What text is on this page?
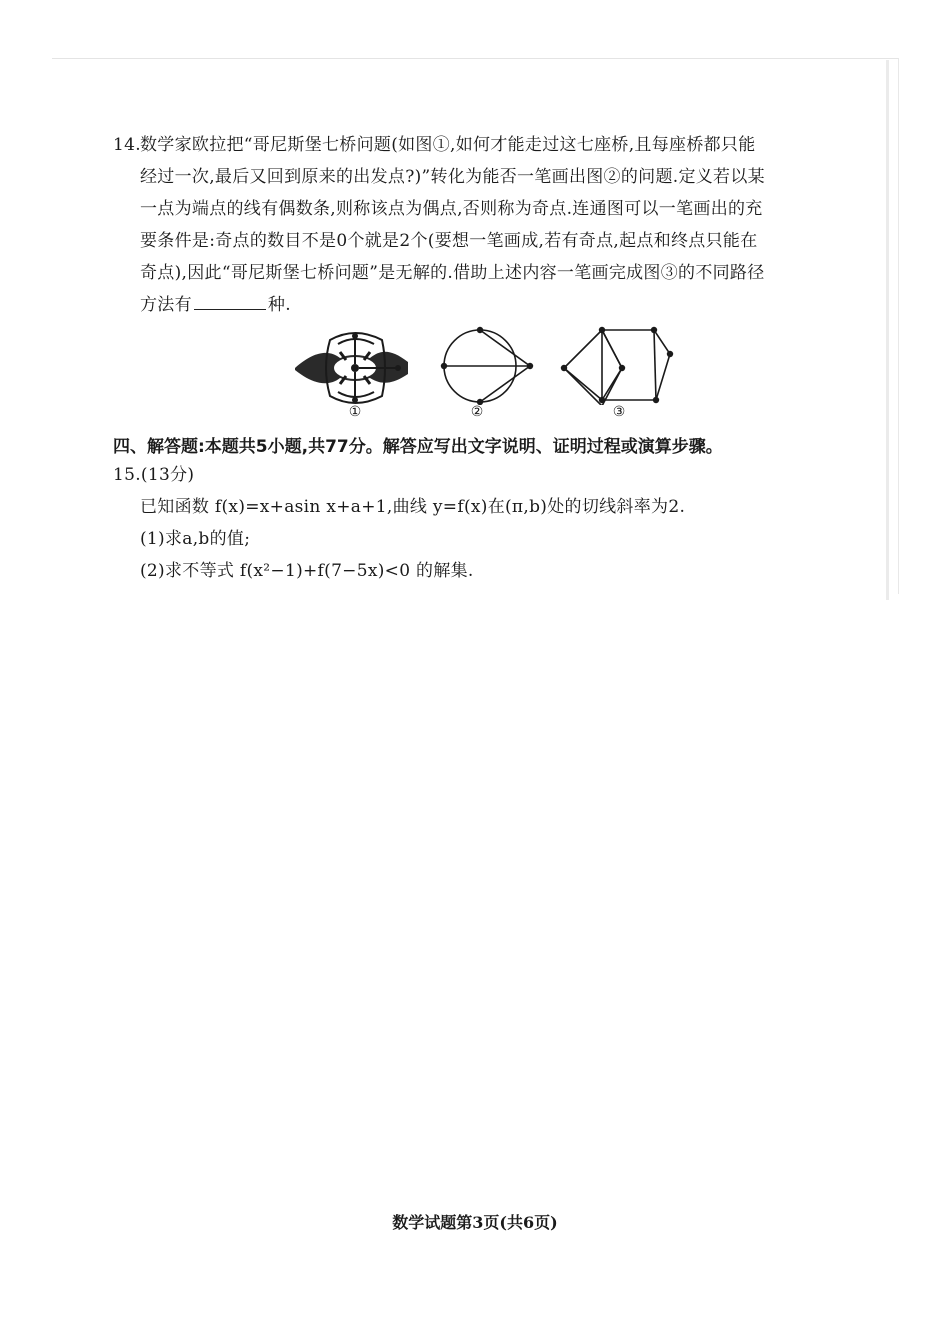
14. 数学家欧拉把“哥尼斯堡七桥问题(如图①,如何才能走过这七座桥,且每座桥都只能
经过一次,最后又回到原来的出发点?)”转化为能否一笔画出图②的问题.定义若以某
一点为端点的线有偶数条,则称该点为偶点,否则称为奇点.连通图可以一笔画出的充
要条件是:奇点的数目不是0个就是2个(要想一笔画成,若有奇点,起点和终点只能在
奇点),因此“哥尼斯堡七桥问题”是无解的.借助上述内容一笔画完成图③的不同路径
方法有	种.
①	②	③
四、解答题:本题共5小题,共77分。解答应写出文字说明、证明过程或演算步骤。
15.(13分)
已知函数 f(x)=x+asin x+a+1,曲线 y=f(x)在(π,b)处的切线斜率为2.
(1)求a,b的值;
(2)求不等式 f(x²−1)+f(7−5x)<0 的解集.
数学试题第3页(共6页)
